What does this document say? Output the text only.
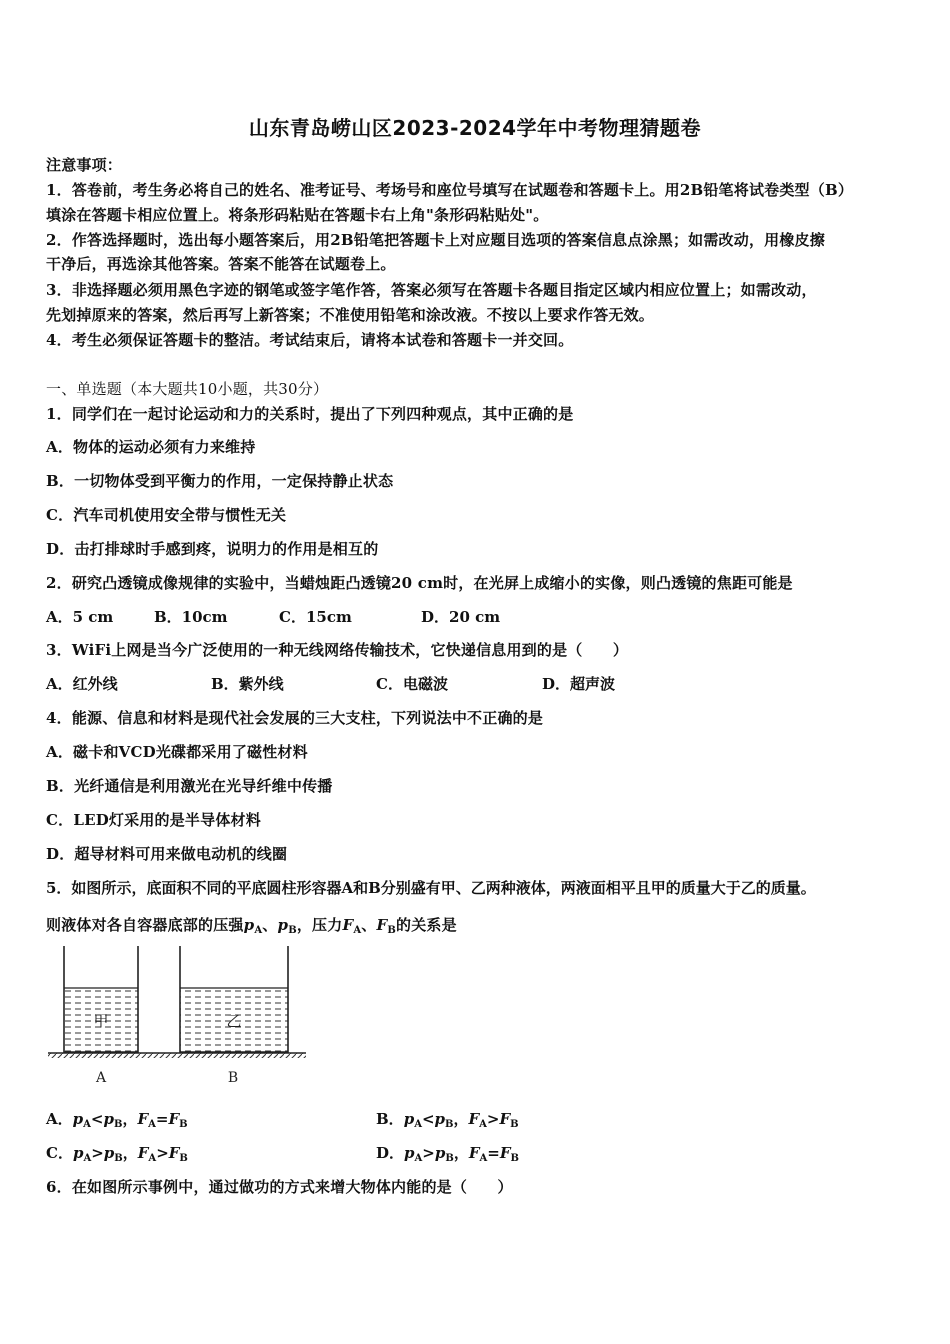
山东青岛崂山区2023-2024学年中考物理猜题卷
注意事项：
1．答卷前，考生务必将自己的姓名、准考证号、考场号和座位号填写在试题卷和答题卡上。用2B铅笔将试卷类型（B）
填涂在答题卡相应位置上。将条形码粘贴在答题卡右上角"条形码粘贴处"。
2．作答选择题时，选出每小题答案后，用2B铅笔把答题卡上对应题目选项的答案信息点涂黑；如需改动，用橡皮擦
干净后，再选涂其他答案。答案不能答在试题卷上。
3．非选择题必须用黑色字迹的钢笔或签字笔作答，答案必须写在答题卡各题目指定区域内相应位置上；如需改动，
先划掉原来的答案，然后再写上新答案；不准使用铅笔和涂改液。不按以上要求作答无效。
4．考生必须保证答题卡的整洁。考试结束后，请将本试卷和答题卡一并交回。
一、单选题（本大题共10小题，共30分）
1．同学们在一起讨论运动和力的关系时，提出了下列四种观点，其中正确的是
A．物体的运动必须有力来维持
B．一切物体受到平衡力的作用，一定保持静止状态
C．汽车司机使用安全带与惯性无关
D．击打排球时手感到疼，说明力的作用是相互的
2．研究凸透镜成像规律的实验中，当蜡烛距凸透镜20 cm时，在光屏上成缩小的实像，则凸透镜的焦距可能是
A．5 cm	B．10cm	C．15cm	D．20 cm
3．WiFi上网是当今广泛使用的一种无线网络传输技术，它快递信息用到的是（　　）
A．红外线	B．紫外线	C．电磁波	D．超声波
4．能源、信息和材料是现代社会发展的三大支柱，下列说法中不正确的是
A．磁卡和VCD光碟都采用了磁性材料
B．光纤通信是利用激光在光导纤维中传播
C．LED灯采用的是半导体材料
D．超导材料可用来做电动机的线圈
5．如图所示，底面积不同的平底圆柱形容器A和B分别盛有甲、乙两种液体，两液面相平且甲的质量大于乙的质量。
则液体对各自容器底部的压强$p_A$、$p_B$，压力$F_A$、$F_B$的关系是
甲	乙
A	B
A．pA<pB，FA=FB	B．pA<pB，FA>FB
C．pA>pB，FA>FB	D．pA>pB，FA=FB
6．在如图所示事例中，通过做功的方式来增大物体内能的是（　　）
